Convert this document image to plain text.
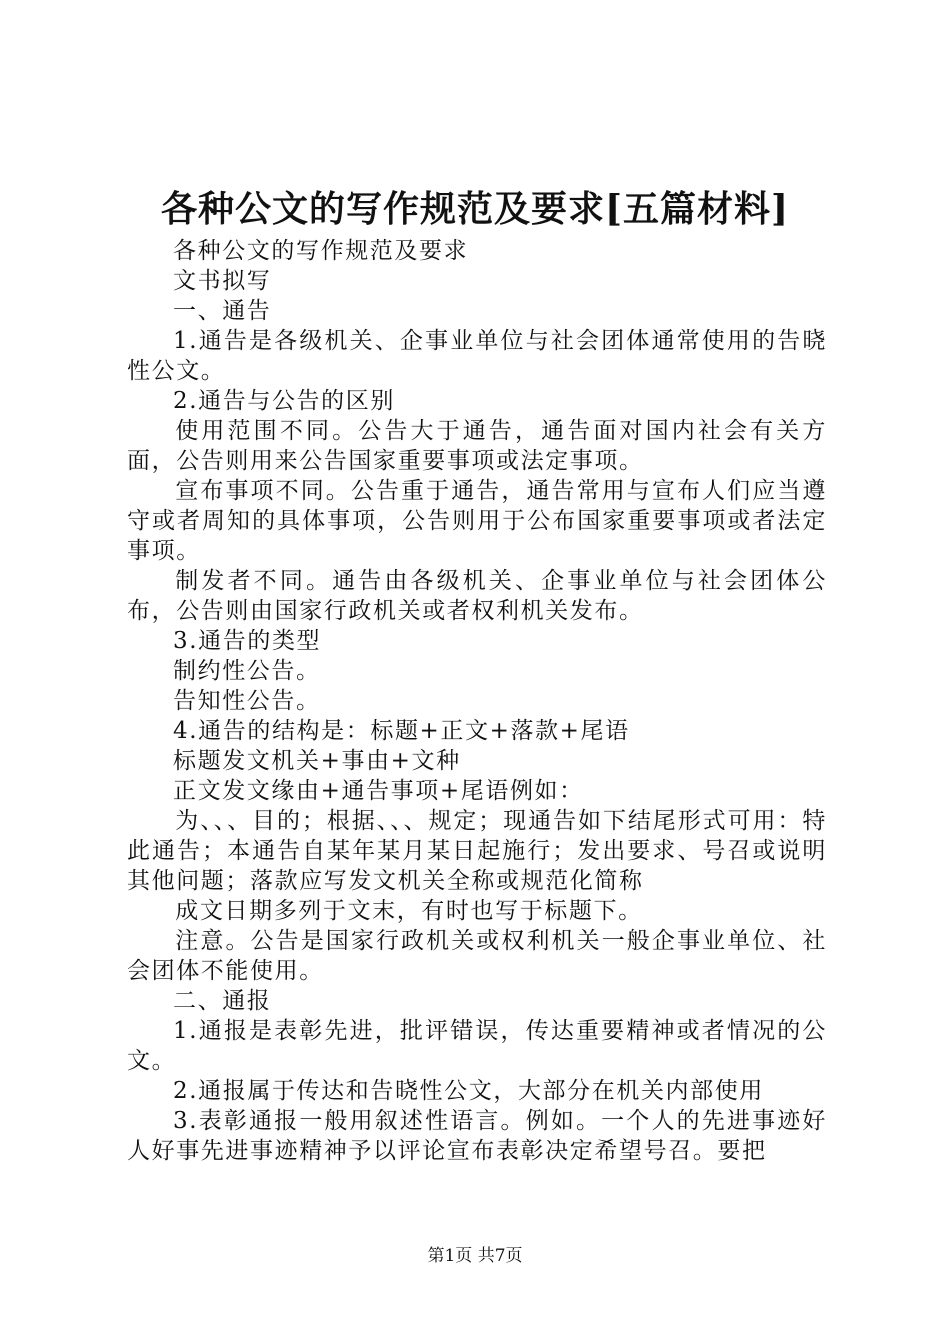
各种公文的写作规范及要求[五篇材料]

各种公文的写作规范及要求

文书拟写

一、通告

1.通告是各级机关、企事业单位与社会团体通常使用的告晓性公文。

2.通告与公告的区别

使用范围不同。公告大于通告，通告面对国内社会有关方面，公告则用来公告国家重要事项或法定事项。

宣布事项不同。公告重于通告，通告常用与宣布人们应当遵守或者周知的具体事项，公告则用于公布国家重要事项或者法定事项。

制发者不同。通告由各级机关、企事业单位与社会团体公布，公告则由国家行政机关或者权利机关发布。

3.通告的类型

制约性公告。

告知性公告。

4.通告的结构是：标题+正文+落款+尾语

标题发文机关+事由+文种

正文发文缘由+通告事项+尾语例如：

为、、、目的；根据、、、规定；现通告如下结尾形式可用：特此通告；本通告自某年某月某日起施行；发出要求、号召或说明其他问题；落款应写发文机关全称或规范化简称

成文日期多列于文末，有时也写于标题下。

注意。公告是国家行政机关或权利机关一般企事业单位、社会团体不能使用。

二、通报

1.通报是表彰先进，批评错误，传达重要精神或者情况的公文。

2.通报属于传达和告晓性公文，大部分在机关内部使用

3.表彰通报一般用叙述性语言。例如。一个人的先进事迹好人好事先进事迹精神予以评论宣布表彰决定希望号召。要把

第1页 共7页
